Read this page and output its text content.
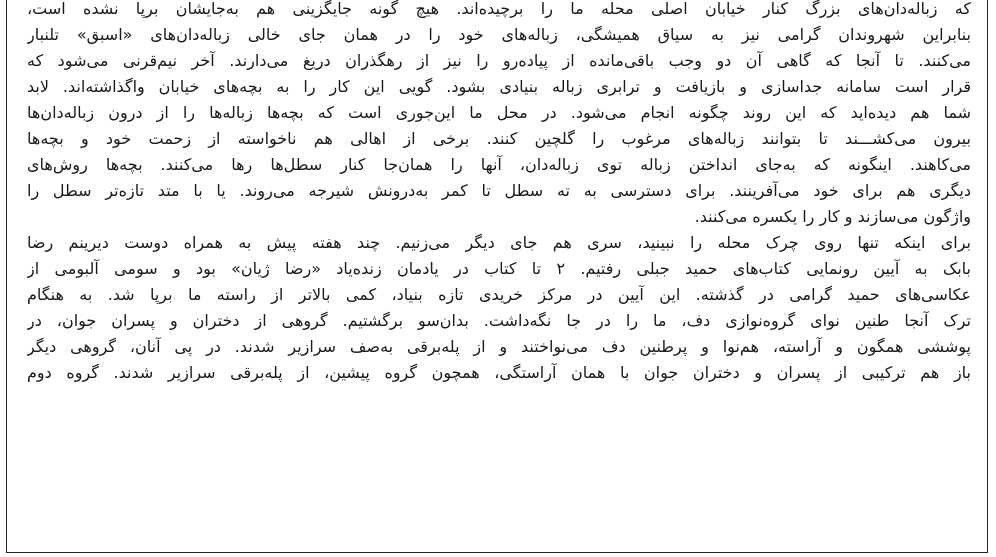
که زباله‌دان‌های بزرگ کنار خیابان اصلی محله ما را برچیده‌اند. هیچ گونه جایگزینی هم به‌جایشان برپا نشده است،
بنابراین شهروندان گرامی نیز به سیاق همیشگی، زباله‌های خود را در همان جای خالی زباله‌دان‌های «اسبق» تلنبار
می‌کنند. تا آنجا که گاهی آن دو وجب باقی‌مانده از پیاده‌رو را نیز از رهگذران دریغ می‌دارند. آخر نیم‌قرنی می‌شود که
قرار است سامانه جداسازی و بازیافت و ترابری زباله بنیادی بشود. گویی این کار را به بچه‌های خیابان واگذاشته‌اند. لابد
شما هم دیده‌اید که این روند چگونه انجام می‌شود. در محل ما این‌جوری است که بچه‌ها زباله‌ها را از درون زباله‌دان‌ها
بیرون می‌کشـــند تا بتوانند زباله‌های مرغوب را گلچین کنند. برخی از اهالی هم ناخواسته از زحمت خود و بچه‌ها
می‌کاهند. اینگونه که به‌جای انداختن زباله توی زباله‌دان، آنها را همان‌جا کنار سطل‌ها رها می‌کنند. بچه‌ها روش‌های
دیگری هم برای خود می‌آفرینند. برای دسترسی به ته سطل تا کمر به‌درونش شیرجه می‌روند. یا با متد تازه‌تر سطل را
واژگون می‌سازند و کار را یکسره می‌کنند.
برای اینکه تنها روی چرک محله را نبینید، سری هم جای دیگر می‌زنیم. چند هفته پیش به همراه دوست دیرینم رضا
بابک به آیین رونمایی کتاب‌های حمید جبلی رفتیم. ۲ تا کتاب در یادمان زنده‌یاد «رضا ژیان» بود و سومی آلبومی از
عکاسی‌های حمید گرامی در گذشته. این آیین در مرکز خریدی تازه بنیاد، کمی بالاتر از راسته ما برپا شد. به هنگام
ترک آنجا طنین نوای گروه‌نوازی دف، ما را در جا نگه‌داشت. بدان‌سو برگشتیم. گروهی از دختران و پسران جوان، در
پوششی همگون و آراسته، هم‌نوا و پرطنین دف می‌نواختند و از پله‌برقی به‌صف سرازیر شدند. در پی آنان، گروهی دیگر
باز هم ترکیبی از پسران و دختران جوان با همان آراستگی، همچون گروه پیشین، از پله‌برقی سرازیر شدند. گروه دوم
